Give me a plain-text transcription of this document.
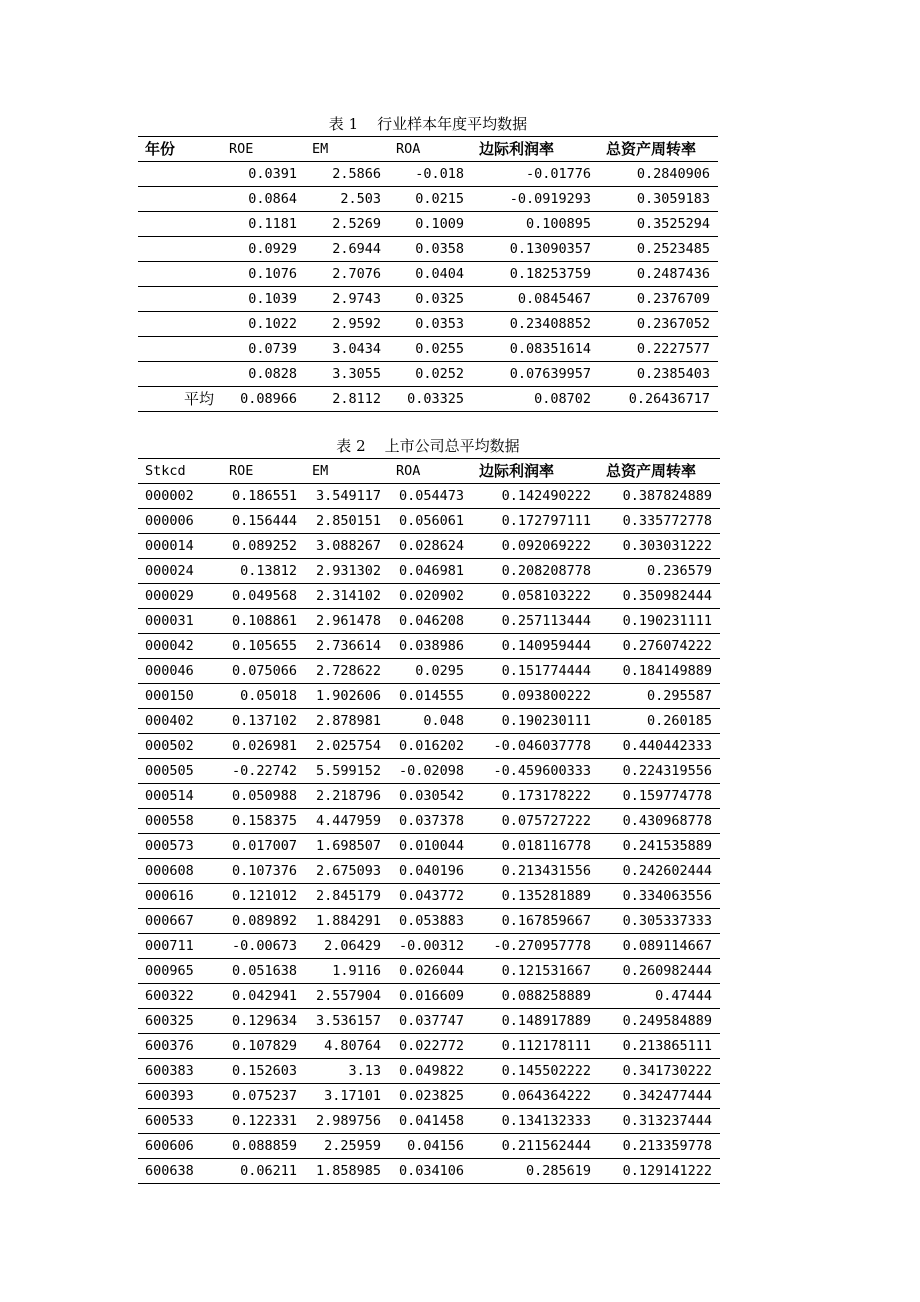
表 1    行业样本年度平均数据
年份	ROE	EM	ROA	边际利润率	总资产周转率
	0.0391	2.5866	-0.018	-0.01776	0.2840906
	0.0864	2.503	0.0215	-0.0919293	0.3059183
	0.1181	2.5269	0.1009	0.100895	0.3525294
	0.0929	2.6944	0.0358	0.13090357	0.2523485
	0.1076	2.7076	0.0404	0.18253759	0.2487436
	0.1039	2.9743	0.0325	0.0845467	0.2376709
	0.1022	2.9592	0.0353	0.23408852	0.2367052
	0.0739	3.0434	0.0255	0.08351614	0.2227577
	0.0828	3.3055	0.0252	0.07639957	0.2385403
平均	0.08966	2.8112	0.03325	0.08702	0.26436717
表 2    上市公司总平均数据
Stkcd	ROE	EM	ROA	边际利润率	总资产周转率
000002	0.186551	3.549117	0.054473	0.142490222	0.387824889
000006	0.156444	2.850151	0.056061	0.172797111	0.335772778
000014	0.089252	3.088267	0.028624	0.092069222	0.303031222
000024	0.13812	2.931302	0.046981	0.208208778	0.236579
000029	0.049568	2.314102	0.020902	0.058103222	0.350982444
000031	0.108861	2.961478	0.046208	0.257113444	0.190231111
000042	0.105655	2.736614	0.038986	0.140959444	0.276074222
000046	0.075066	2.728622	0.0295	0.151774444	0.184149889
000150	0.05018	1.902606	0.014555	0.093800222	0.295587
000402	0.137102	2.878981	0.048	0.190230111	0.260185
000502	0.026981	2.025754	0.016202	-0.046037778	0.440442333
000505	-0.22742	5.599152	-0.02098	-0.459600333	0.224319556
000514	0.050988	2.218796	0.030542	0.173178222	0.159774778
000558	0.158375	4.447959	0.037378	0.075727222	0.430968778
000573	0.017007	1.698507	0.010044	0.018116778	0.241535889
000608	0.107376	2.675093	0.040196	0.213431556	0.242602444
000616	0.121012	2.845179	0.043772	0.135281889	0.334063556
000667	0.089892	1.884291	0.053883	0.167859667	0.305337333
000711	-0.00673	2.06429	-0.00312	-0.270957778	0.089114667
000965	0.051638	1.9116	0.026044	0.121531667	0.260982444
600322	0.042941	2.557904	0.016609	0.088258889	0.47444
600325	0.129634	3.536157	0.037747	0.148917889	0.249584889
600376	0.107829	4.80764	0.022772	0.112178111	0.213865111
600383	0.152603	3.13	0.049822	0.145502222	0.341730222
600393	0.075237	3.17101	0.023825	0.064364222	0.342477444
600533	0.122331	2.989756	0.041458	0.134132333	0.313237444
600606	0.088859	2.25959	0.04156	0.211562444	0.213359778
600638	0.06211	1.858985	0.034106	0.285619	0.129141222
